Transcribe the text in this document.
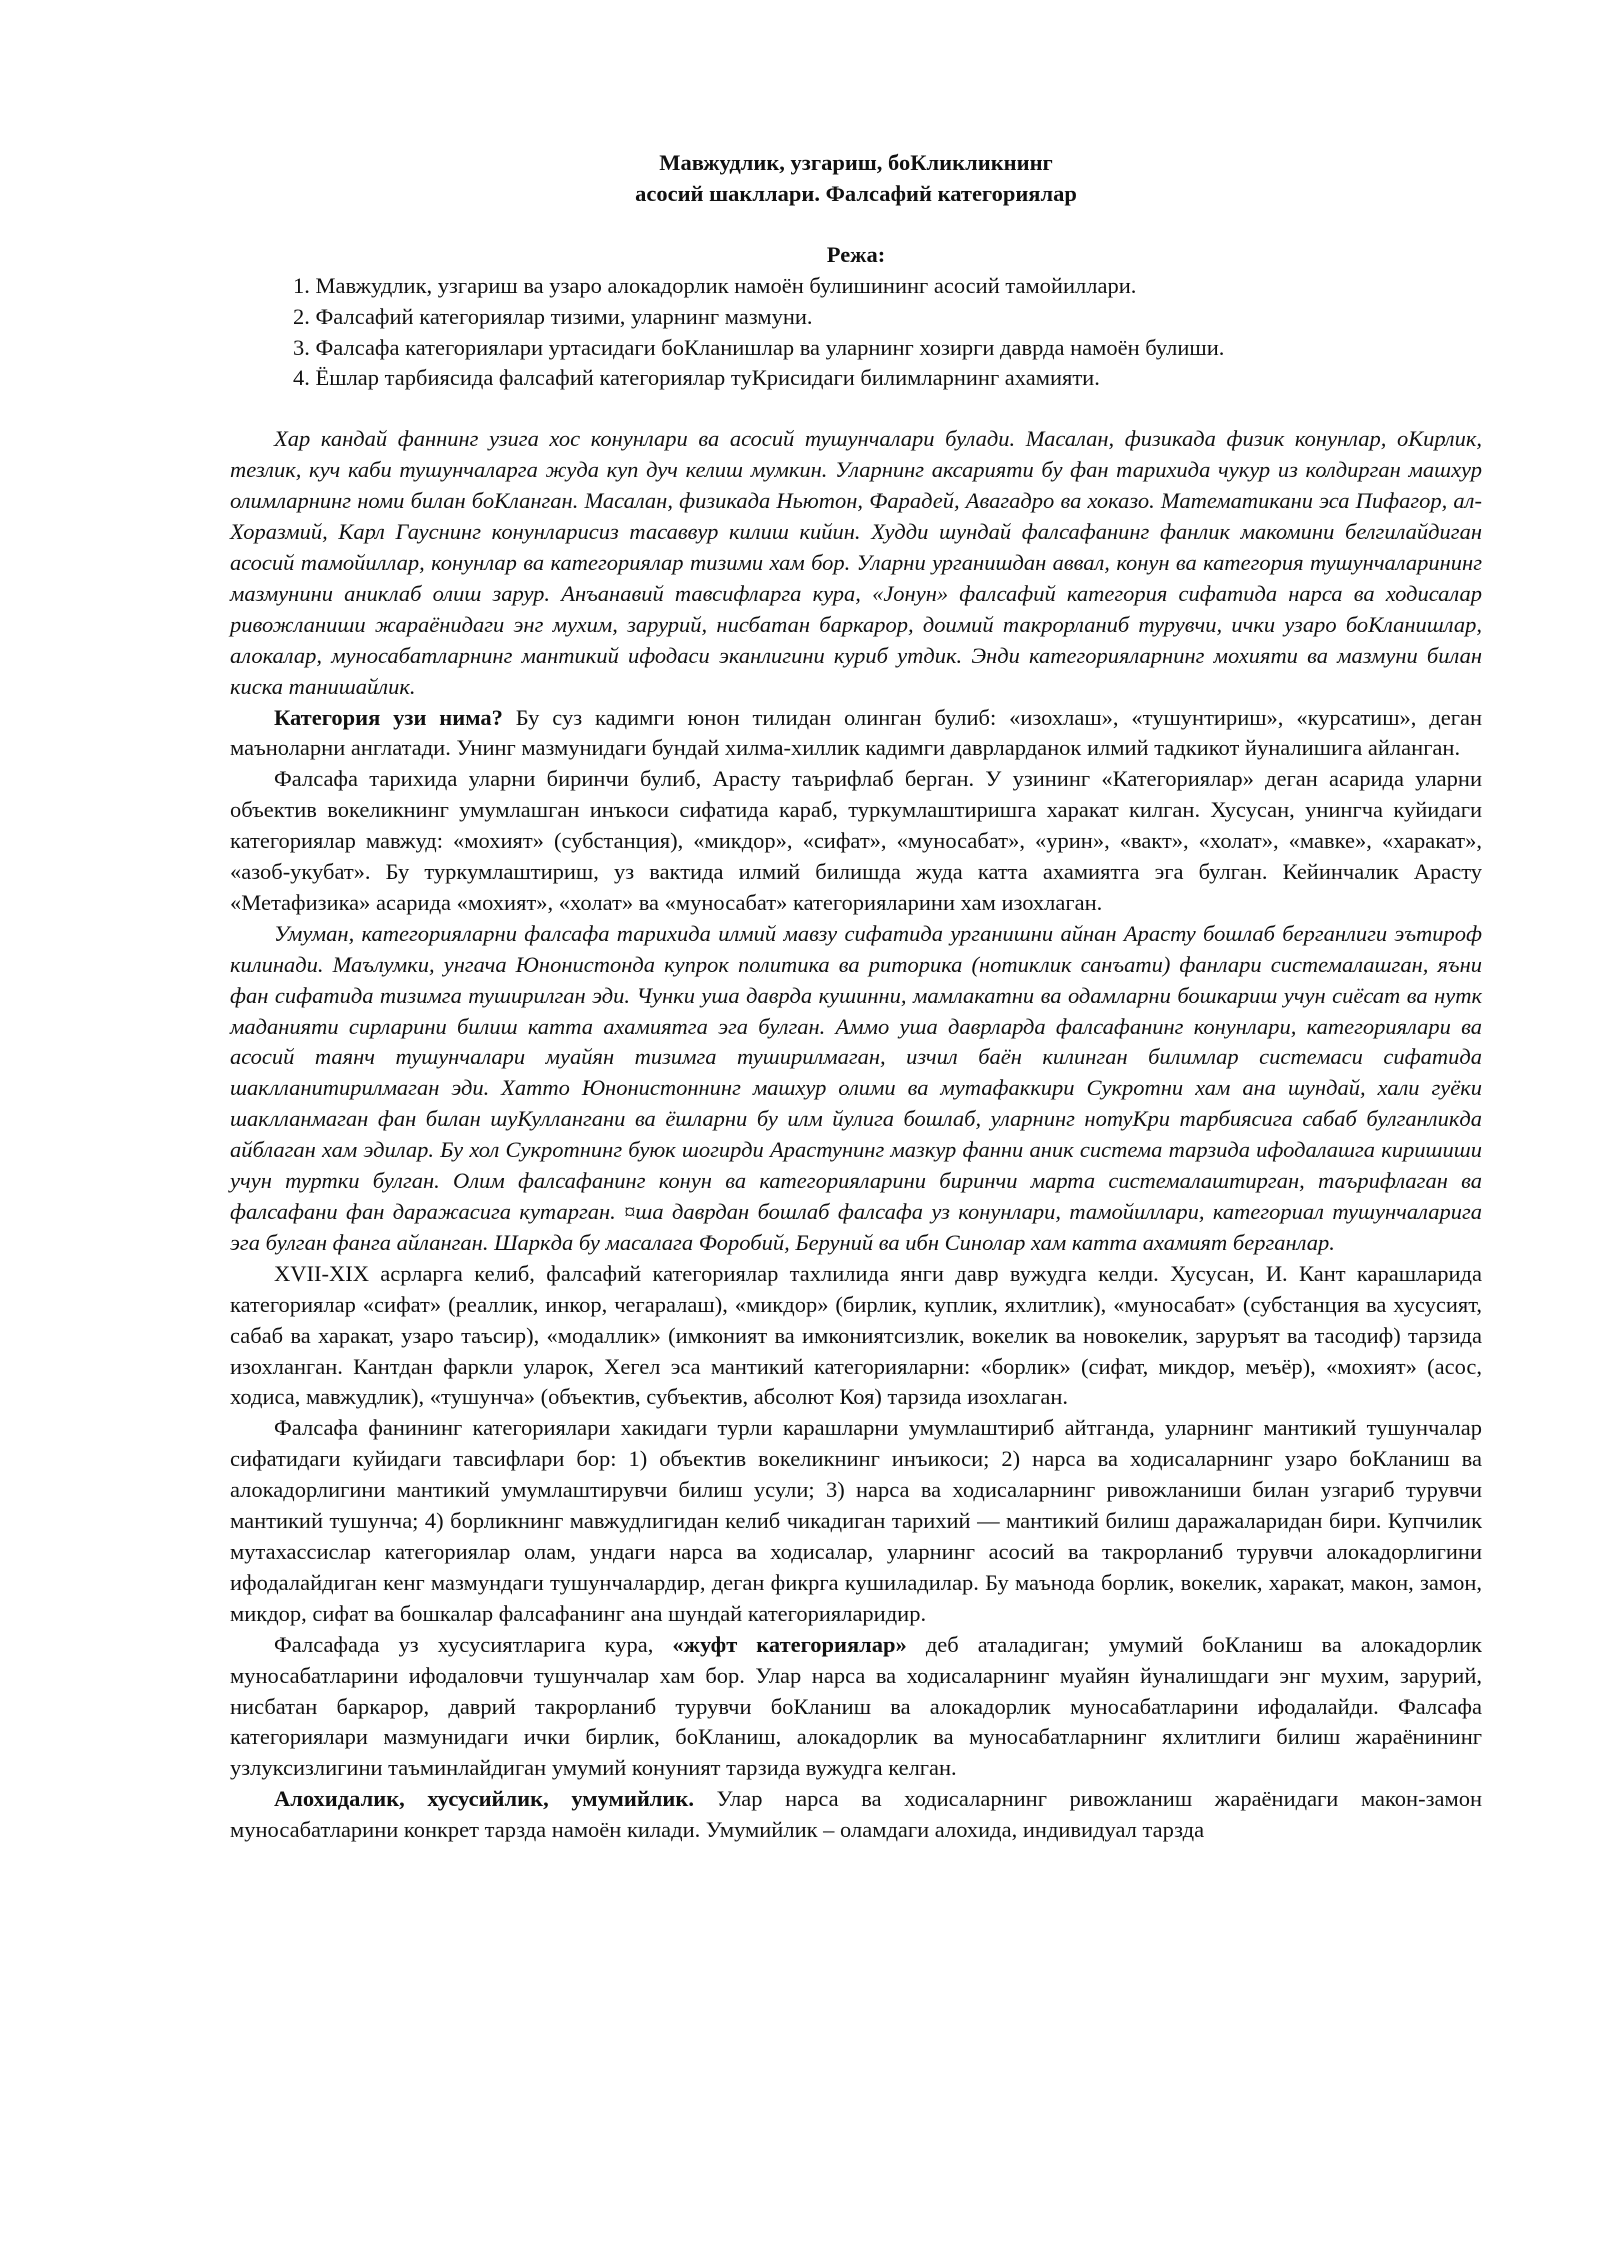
Мавжудлик, узгариш, боКликликнинг
асосий шакллари. Фалсафий категориялар

Режа:

1. Мавжудлик, узгариш ва узаро алокадорлик намоён булишининг асосий тамойиллари.
2. Фалсафий категориялар тизими, уларнинг мазмуни.
3. Фалсафа категориялари уртасидаги боКланишлар ва уларнинг хозирги даврда намоён булиши.
4. Ёшлар тарбиясида фалсафий категориялар туКрисидаги билимларнинг ахамияти.

Хар кандай фаннинг узига хос конунлари ва асосий тушунчалари булади. Масалан, физикада физик конунлар, оКирлик, тезлик, куч каби тушунчаларга жуда куп дуч келиш мумкин. Уларнинг аксарияти бу фан тарихида чукур из колдирган машхур олимларнинг номи билан боКланган. Масалан, физикада Ньютон, Фарадей, Авагадро ва хоказо. Математикани эса Пифагор, ал-Хоразмий, Карл Гауснинг конунларисиз тасаввур килиш кийин. Худди шундай фалсафанинг фанлик макомини белгилайдиган асосий тамойиллар, конунлар ва категориялар тизими хам бор. Уларни урганишдан аввал, конун ва категория тушунчаларининг мазмунини аниклаб олиш зарур. Анъанавий тавсифларга кура, «Jонун» фалсафий категория сифатида нарса ва ходисалар ривожланиши жараёнидаги энг мухим, зарурий, нисбатан баркарор, доимий такрорланиб турувчи, ички узаро боКланишлар, алокалар, муносабатларнинг мантикий ифодаси эканлигини куриб утдик. Энди категорияларнинг мохияти ва мазмуни билан киска танишайлик.

Категория узи нима? Бу суз кадимги юнон тилидан олинган булиб: «изохлаш», «тушунтириш», «курсатиш», деган маъноларни англатади. Унинг мазмунидаги бундай хилма-хиллик кадимги даврларданок илмий тадкикот йуналишига айланган.

Фалсафа тарихида уларни биринчи булиб, Арасту таърифлаб берган. У узининг «Категориялар» деган асарида уларни объектив вокеликнинг умумлашган инъкоси сифатида караб, туркумлаштиришга харакат килган. Хусусан, унингча куйидаги категориялар мавжуд: «мохият» (субстанция), «микдор», «сифат», «муносабат», «урин», «вакт», «холат», «мавке», «харакат», «азоб-укубат». Бу туркумлаштириш, уз вактида илмий билишда жуда катта ахамиятга эга булган. Кейинчалик Арасту «Метафизика» асарида «мохият», «холат» ва «муносабат» категорияларини хам изохлаган.

Умуман, категорияларни фалсафа тарихида илмий мавзу сифатида урганишни айнан Арасту бошлаб берганлиги эътироф килинади. Маълумки, унгача Юнонистонда купрок политика ва риторика (нотиклик санъати) фанлари системалашган, яъни фан сифатида тизимга туширилган эди. Чунки уша даврда кушинни, мамлакатни ва одамларни бошкариш учун сиёсат ва нутк маданияти сирларини билиш катта ахамиятга эга булган. Аммо уша даврларда фалсафанинг конунлари, категориялари ва асосий таянч тушунчалари муайян тизимга туширилмаган, изчил баён килинган билимлар системаси сифатида шаклланитирилмаган эди. Хатто Юнонистоннинг машхур олими ва мутафаккири Сукротни хам ана шундай, хали гуёки шаклланмаган фан билан шуКуллангани ва ёшларни бу илм йулига бошлаб, уларнинг нотуКри тарбиясига сабаб булганликда айблаган хам эдилар. Бу хол Сукротнинг буюк шогирди Арастунинг мазкур фанни аник система тарзида ифодалашга киришиши учун туртки булган. Олим фалсафанинг конун ва категорияларини биринчи марта системалаштирган, таърифлаган ва фалсафани фан даражасига кутарган. ¤ша даврдан бошлаб фалсафа уз конунлари, тамойиллари, категориал тушунчаларига эга булган фанга айланган. Шаркда бу масалага Форобий, Беруний ва ибн Синолар хам катта ахамият берганлар.

XVII-XIX асрларга келиб, фалсафий категориялар тахлилида янги давр вужудга келди. Хусусан, И. Кант карашларида категориялар «сифат» (реаллик, инкор, чегаралаш), «микдор» (бирлик, куплик, яхлитлик), «муносабат» (субстанция ва хусусият, сабаб ва харакат, узаро таъсир), «модаллик» (имконият ва имкониятсизлик, вокелик ва новокелик, заруръят ва тасодиф) тарзида изохланган. Кантдан фаркли уларок, Хегел эса мантикий категорияларни: «борлик» (сифат, микдор, меъёр), «мохият» (асос, ходиса, мавжудлик), «тушунча» (объектив, субъектив, абсолют Коя) тарзида изохлаган.

Фалсафа фанининг категориялари хакидаги турли карашларни умумлаштириб айтганда, уларнинг мантикий тушунчалар сифатидаги куйидаги тавсифлари бор: 1) объектив вокеликнинг инъикоси; 2) нарса ва ходисаларнинг узаро боКланиш ва алокадорлигини мантикий умумлаштирувчи билиш усули; 3) нарса ва ходисаларнинг ривожланиши билан узгариб турувчи мантикий тушунча; 4) борликнинг мавжудлигидан келиб чикадиган тарихий — мантикий билиш даражаларидан бири. Купчилик мутахассислар категориялар олам, ундаги нарса ва ходисалар, уларнинг асосий ва такрорланиб турувчи алокадорлигини ифодалайдиган кенг мазмундаги тушунчалардир, деган фикрга кушиладилар. Бу маънода борлик, вокелик, харакат, макон, замон, микдор, сифат ва бошкалар фалсафанинг ана шундай категорияларидир.

Фалсафада уз хусусиятларига кура, «жуфт категориялар» деб аталадиган; умумий боКланиш ва алокадорлик муносабатларини ифодаловчи тушунчалар хам бор. Улар нарса ва ходисаларнинг муайян йуналишдаги энг мухим, зарурий, нисбатан баркарор, даврий такрорланиб турувчи боКланиш ва алокадорлик муносабатларини ифодалайди. Фалсафа категориялари мазмунидаги ички бирлик, боКланиш, алокадорлик ва муносабатларнинг яхлитлиги билиш жараёнининг узлуксизлигини таъминлайдиган умумий конуният тарзида вужудга келган.

Алохидалик, хусусийлик, умумийлик. Улар нарса ва ходисаларнинг ривожланиш жараёнидаги макон-замон муносабатларини конкрет тарзда намоён килади. Умумийлик – оламдаги алохида, индивидуал тарзда
